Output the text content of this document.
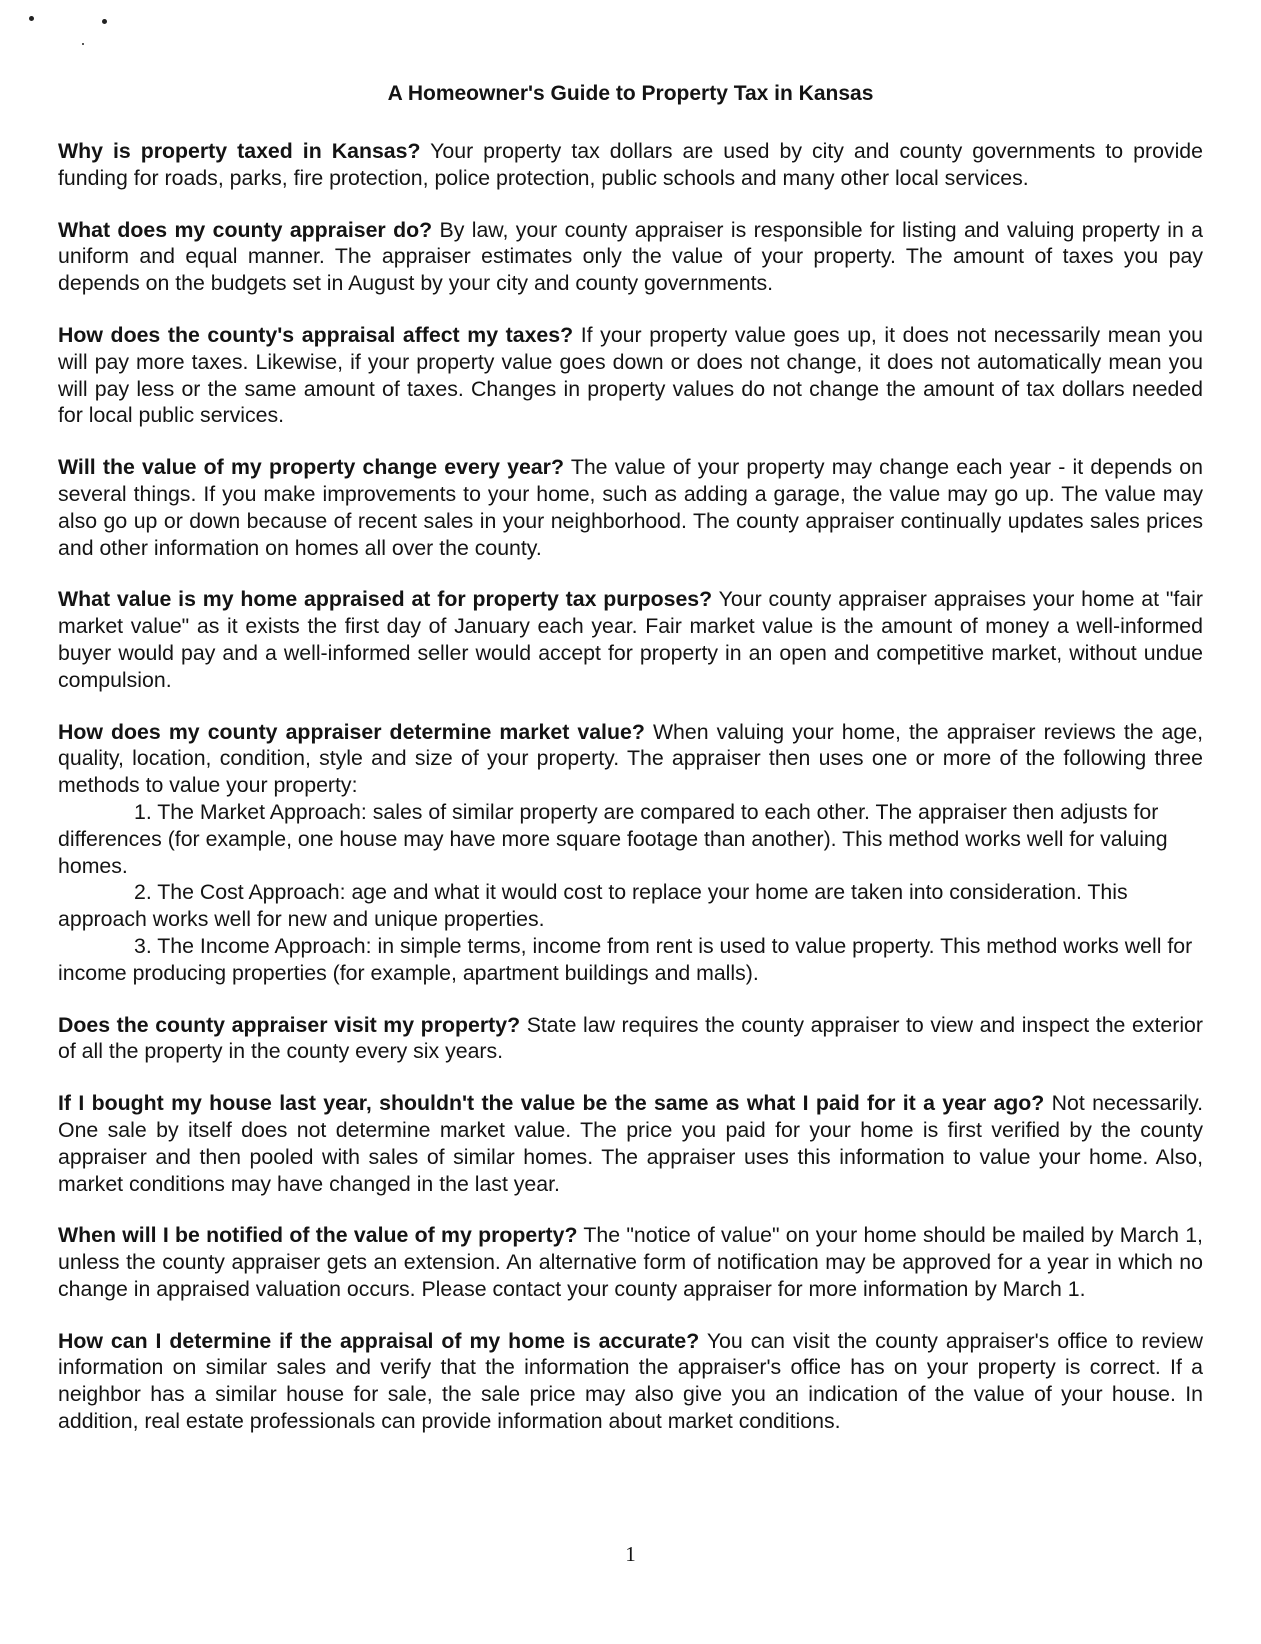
A Homeowner's Guide to Property Tax in Kansas

Why is property taxed in Kansas? Your property tax dollars are used by city and county governments to provide funding for roads, parks, fire protection, police protection, public schools and many other local services.

What does my county appraiser do? By law, your county appraiser is responsible for listing and valuing property in a uniform and equal manner. The appraiser estimates only the value of your property. The amount of taxes you pay depends on the budgets set in August by your city and county governments.

How does the county's appraisal affect my taxes? If your property value goes up, it does not necessarily mean you will pay more taxes. Likewise, if your property value goes down or does not change, it does not automatically mean you will pay less or the same amount of taxes. Changes in property values do not change the amount of tax dollars needed for local public services.

Will the value of my property change every year? The value of your property may change each year - it depends on several things. If you make improvements to your home, such as adding a garage, the value may go up. The value may also go up or down because of recent sales in your neighborhood. The county appraiser continually updates sales prices and other information on homes all over the county.

What value is my home appraised at for property tax purposes? Your county appraiser appraises your home at "fair market value" as it exists the first day of January each year. Fair market value is the amount of money a well-informed buyer would pay and a well-informed seller would accept for property in an open and competitive market, without undue compulsion.

How does my county appraiser determine market value? When valuing your home, the appraiser reviews the age, quality, location, condition, style and size of your property. The appraiser then uses one or more of the following three methods to value your property:

1. The Market Approach: sales of similar property are compared to each other. The appraiser then adjusts for differences (for example, one house may have more square footage than another). This method works well for valuing homes.

2. The Cost Approach: age and what it would cost to replace your home are taken into consideration. This approach works well for new and unique properties.

3. The Income Approach: in simple terms, income from rent is used to value property. This method works well for income producing properties (for example, apartment buildings and malls).

Does the county appraiser visit my property? State law requires the county appraiser to view and inspect the exterior of all the property in the county every six years.

If I bought my house last year, shouldn't the value be the same as what I paid for it a year ago? Not necessarily. One sale by itself does not determine market value. The price you paid for your home is first verified by the county appraiser and then pooled with sales of similar homes. The appraiser uses this information to value your home. Also, market conditions may have changed in the last year.

When will I be notified of the value of my property? The "notice of value" on your home should be mailed by March 1, unless the county appraiser gets an extension. An alternative form of notification may be approved for a year in which no change in appraised valuation occurs. Please contact your county appraiser for more information by March 1.

How can I determine if the appraisal of my home is accurate? You can visit the county appraiser's office to review information on similar sales and verify that the information the appraiser's office has on your property is correct. If a neighbor has a similar house for sale, the sale price may also give you an indication of the value of your house. In addition, real estate professionals can provide information about market conditions.

1
